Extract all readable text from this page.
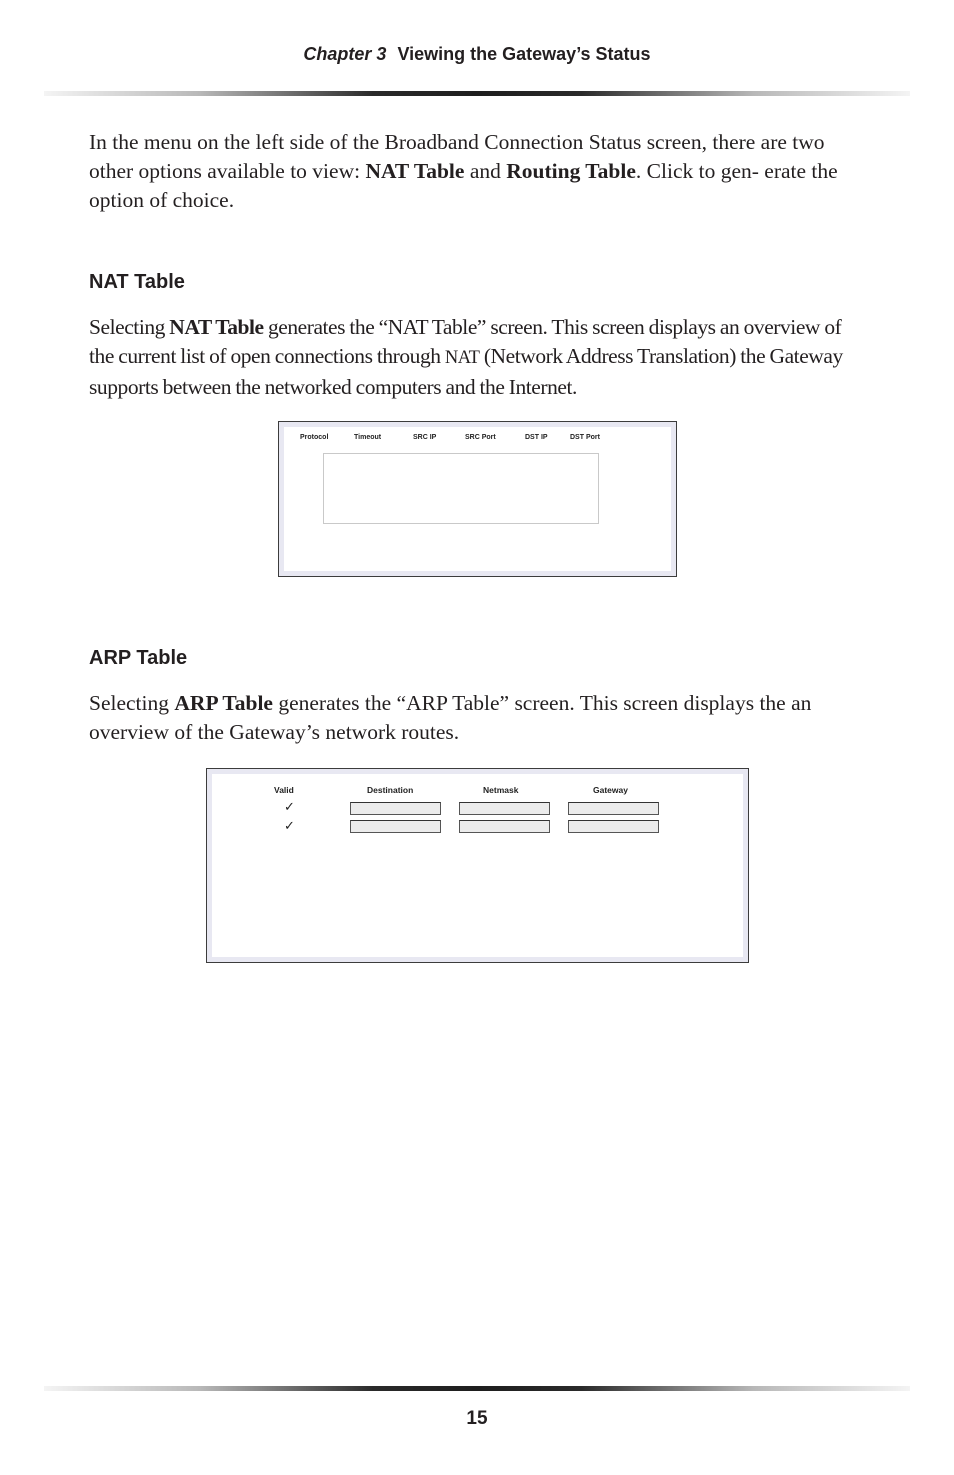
Chapter 3 Viewing the Gateway’s Status

In the menu on the left side of the Broadband Connection Status screen, there are two other options available to view: NAT Table and Routing Table. Click to gen- erate the option of choice.

NAT Table

Selecting NAT Table generates the “NAT Table” screen. This screen displays an overview of the current list of open connections through NAT (Network Address Translation) the Gateway supports between the networked computers and the Internet.

Protocol	Timeout	SRC IP	SRC Port	DST IP	DST Port
ARP Table

Selecting ARP Table generates the “ARP Table” screen. This screen displays the an overview of the Gateway’s network routes.

Valid	Destination	Netmask	Gateway
✓
✓
15
